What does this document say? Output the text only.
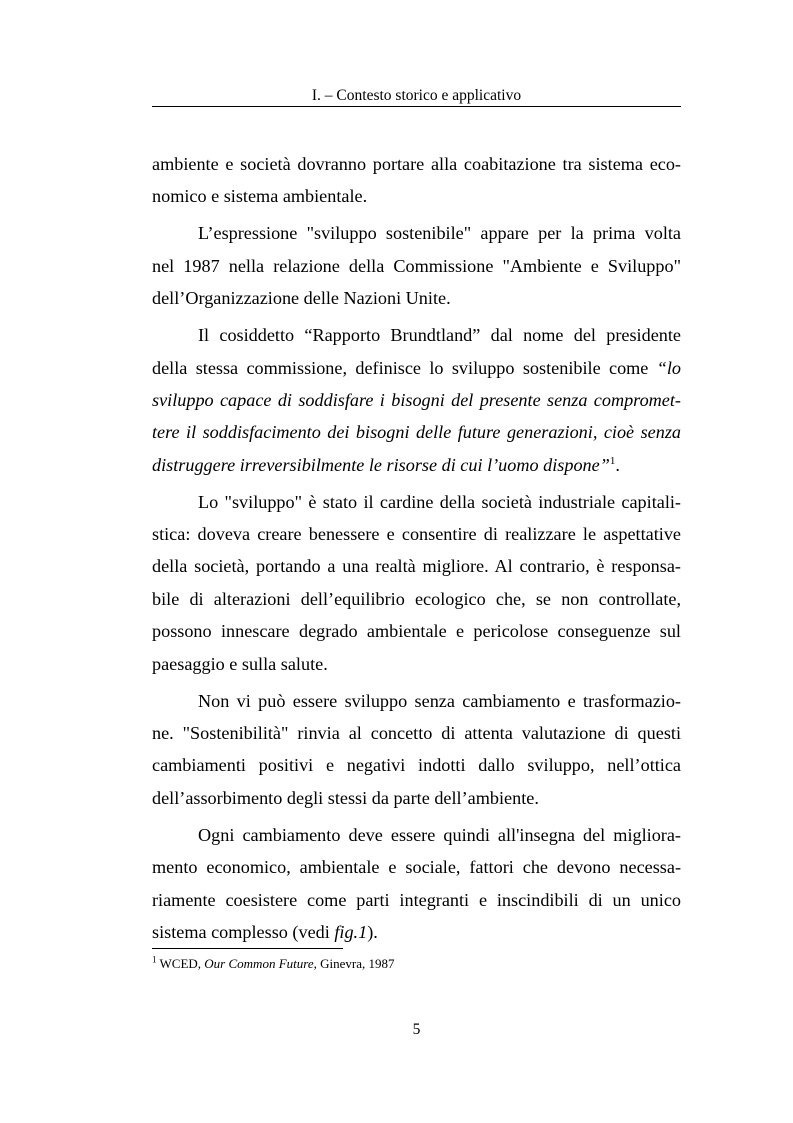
I. – Contesto storico e applicativo
ambiente e società dovranno portare alla coabitazione tra sistema eco-
nomico e sistema ambientale.
L’espressione "sviluppo sostenibile" appare per la prima volta
nel 1987 nella relazione della Commissione "Ambiente e Sviluppo"
dell’Organizzazione delle Nazioni Unite.
Il cosiddetto “Rapporto Brundtland” dal nome del presidente
della stessa commissione, definisce lo sviluppo sostenibile come “lo
sviluppo capace di soddisfare i bisogni del presente senza compromet-
tere il soddisfacimento dei bisogni delle future generazioni, cioè senza
distruggere irreversibilmente le risorse di cui l’uomo dispone”$^1$.
Lo "sviluppo" è stato il cardine della società industriale capitali-
stica: doveva creare benessere e consentire di realizzare le aspettative
della società, portando a una realtà migliore. Al contrario, è responsa-
bile di alterazioni dell’equilibrio ecologico che, se non controllate,
possono innescare degrado ambientale e pericolose conseguenze sul
paesaggio e sulla salute.
Non vi può essere sviluppo senza cambiamento e trasformazio-
ne. "Sostenibilità" rinvia al concetto di attenta valutazione di questi
cambiamenti positivi e negativi indotti dallo sviluppo, nell’ottica
dell’assorbimento degli stessi da parte dell’ambiente.
Ogni cambiamento deve essere quindi all'insegna del migliora-
mento economico, ambientale e sociale, fattori che devono necessa-
riamente coesistere come parti integranti e inscindibili di un unico
sistema complesso (vedi fig.1).
$^1$ WCED, Our Common Future, Ginevra, 1987
5
